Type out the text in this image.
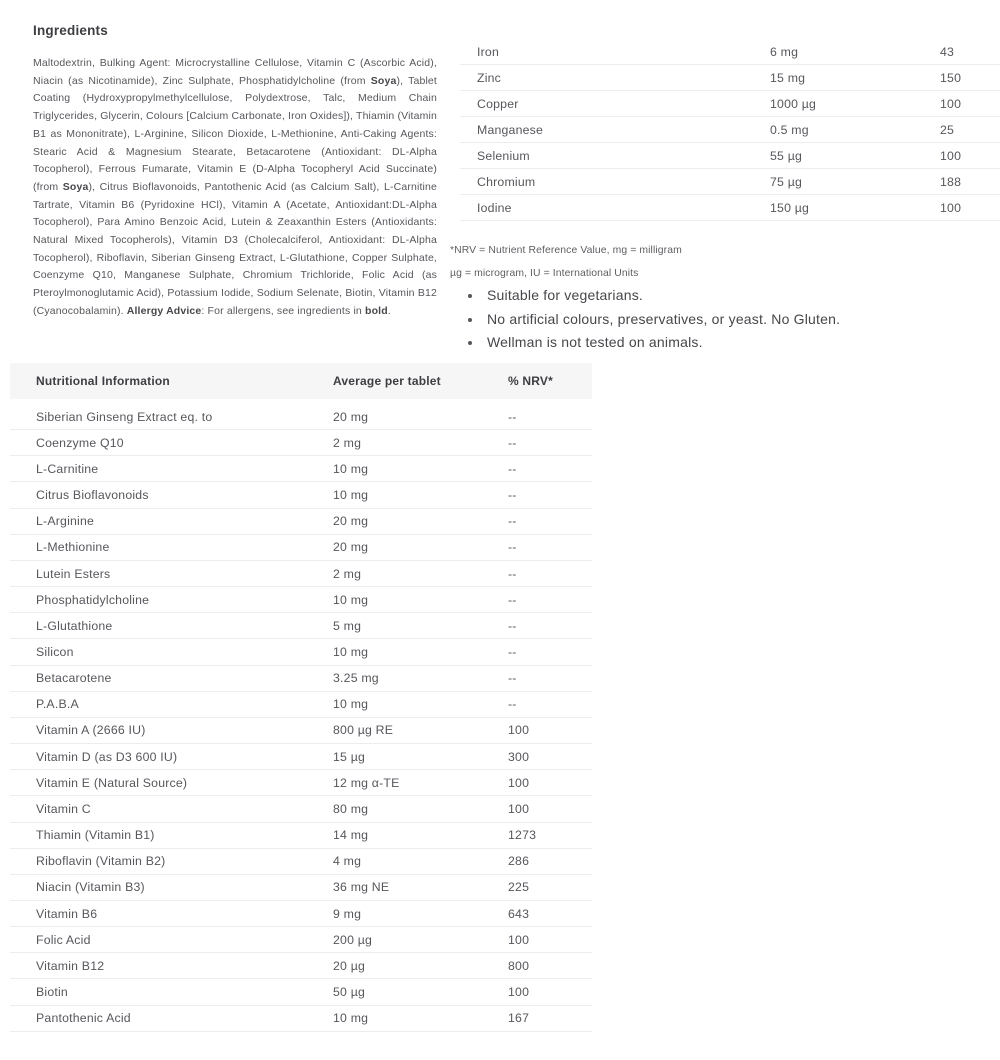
Ingredients

Maltodextrin, Bulking Agent: Microcrystalline Cellulose, Vitamin C (Ascorbic Acid), Niacin (as Nicotinamide), Zinc Sulphate, Phosphatidylcholine (from Soya), Tablet Coating (Hydroxypropylmethylcellulose, Polydextrose, Talc, Medium Chain Triglycerides, Glycerin, Colours [Calcium Carbonate, Iron Oxides]), Thiamin (Vitamin B1 as Mononitrate), L-Arginine, Silicon Dioxide, L-Methionine, Anti-Caking Agents: Stearic Acid & Magnesium Stearate, Betacarotene (Antioxidant: DL-Alpha Tocopherol), Ferrous Fumarate, Vitamin E (D-Alpha Tocopheryl Acid Succinate) (from Soya), Citrus Bioflavonoids, Pantothenic Acid (as Calcium Salt), L-Carnitine Tartrate, Vitamin B6 (Pyridoxine HCl), Vitamin A (Acetate, Antioxidant:DL-Alpha Tocopherol), Para Amino Benzoic Acid, Lutein & Zeaxanthin Esters (Antioxidants: Natural Mixed Tocopherols), Vitamin D3 (Cholecalciferol, Antioxidant: DL-Alpha Tocopherol), Riboflavin, Siberian Ginseng Extract, L-Glutathione, Copper Sulphate, Coenzyme Q10, Manganese Sulphate, Chromium Trichloride, Folic Acid (as Pteroylmonoglutamic Acid), Potassium Iodide, Sodium Selenate, Biotin, Vitamin B12 (Cyanocobalamin). Allergy Advice: For allergens, see ingredients in bold.

Iron	6 mg	43
Zinc	15 mg	150
Copper	1000 µg	100
Manganese	0.5 mg	25
Selenium	55 µg	100
Chromium	75 µg	188
Iodine	150 µg	100
*NRV = Nutrient Reference Value, mg = milligram
µg = microgram, IU = International Units
Suitable for vegetarians.
No artificial colours, preservatives, or yeast. No Gluten.
Wellman is not tested on animals.
Nutritional Information	Average per tablet	% NRV*
Siberian Ginseng Extract eq. to	20 mg	--
Coenzyme Q10	2 mg	--
L-Carnitine	10 mg	--
Citrus Bioflavonoids	10 mg	--
L-Arginine	20 mg	--
L-Methionine	20 mg	--
Lutein Esters	2 mg	--
Phosphatidylcholine	10 mg	--
L-Glutathione	5 mg	--
Silicon	10 mg	--
Betacarotene	3.25 mg	--
P.A.B.A	10 mg	--
Vitamin A (2666 IU)	800 µg RE	100
Vitamin D (as D3 600 IU)	15 µg	300
Vitamin E (Natural Source)	12 mg α-TE	100
Vitamin C	80 mg	100
Thiamin (Vitamin B1)	14 mg	1273
Riboflavin (Vitamin B2)	4 mg	286
Niacin (Vitamin B3)	36 mg NE	225
Vitamin B6	9 mg	643
Folic Acid	200 µg	100
Vitamin B12	20 µg	800
Biotin	50 µg	100
Pantothenic Acid	10 mg	167
